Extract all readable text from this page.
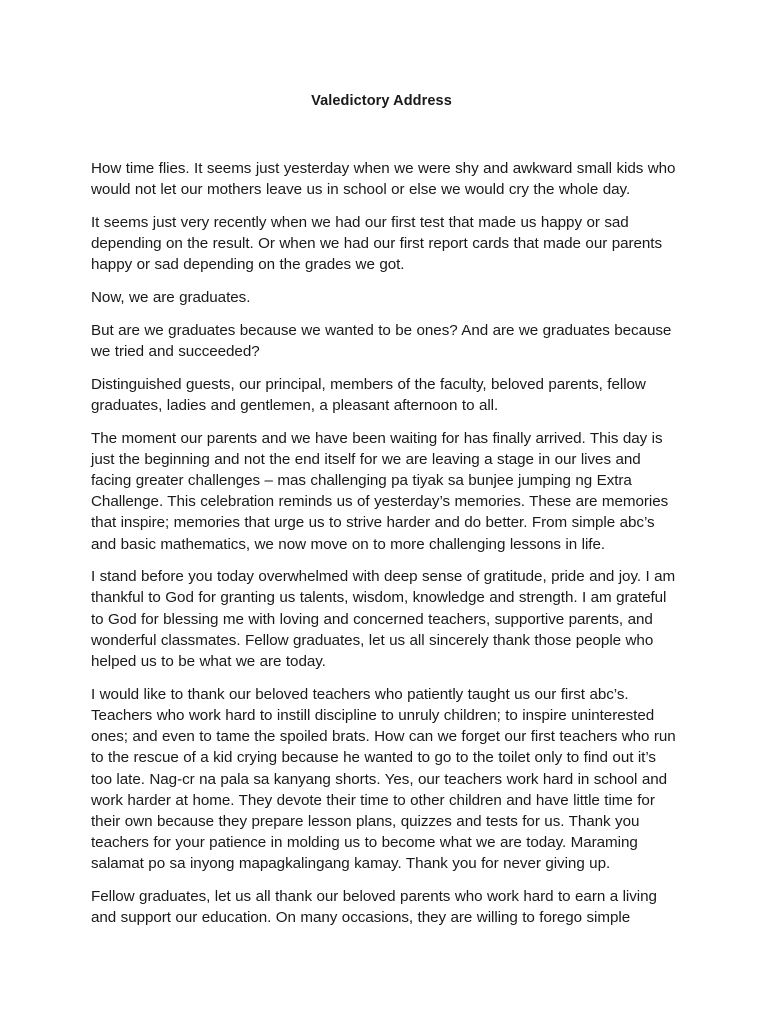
Valedictory Address

How time flies. It seems just yesterday when we were shy and awkward small kids who would not let our mothers leave us in school or else we would cry the whole day.

It seems just very recently when we had our first test that made us happy or sad depending on the result. Or when we had our first report cards that made our parents happy or sad depending on the grades we got.

Now, we are graduates.

But are we graduates because we wanted to be ones? And are we graduates because we tried and succeeded?

Distinguished guests, our principal, members of the faculty, beloved parents, fellow graduates, ladies and gentlemen, a pleasant afternoon to all.

The moment our parents and we have been waiting for has finally arrived. This day is just the beginning and not the end itself for we are leaving a stage in our lives and facing greater challenges – mas challenging pa tiyak sa bunjee jumping ng Extra Challenge. This celebration reminds us of yesterday’s memories. These are memories that inspire; memories that urge us to strive harder and do better. From simple abc’s and basic mathematics, we now move on to more challenging lessons in life.

I stand before you today overwhelmed with deep sense of gratitude, pride and joy. I am thankful to God for granting us talents, wisdom, knowledge and strength. I am grateful to God for blessing me with loving and concerned teachers, supportive parents, and wonderful classmates. Fellow graduates, let us all sincerely thank those people who helped us to be what we are today.

I would like to thank our beloved teachers who patiently taught us our first abc’s. Teachers who work hard to instill discipline to unruly children; to inspire uninterested ones; and even to tame the spoiled brats. How can we forget our first teachers who run to the rescue of a kid crying because he wanted to go to the toilet only to find out it’s too late. Nag-cr na pala sa kanyang shorts. Yes, our teachers work hard in school and work harder at home. They devote their time to other children and have little time for their own because they prepare lesson plans, quizzes and tests for us. Thank you teachers for your patience in molding us to become what we are today. Maraming salamat po sa inyong mapagkalingang kamay. Thank you for never giving up.

Fellow graduates, let us all thank our beloved parents who work hard to earn a living and support our education. On many occasions, they are willing to forego simple
